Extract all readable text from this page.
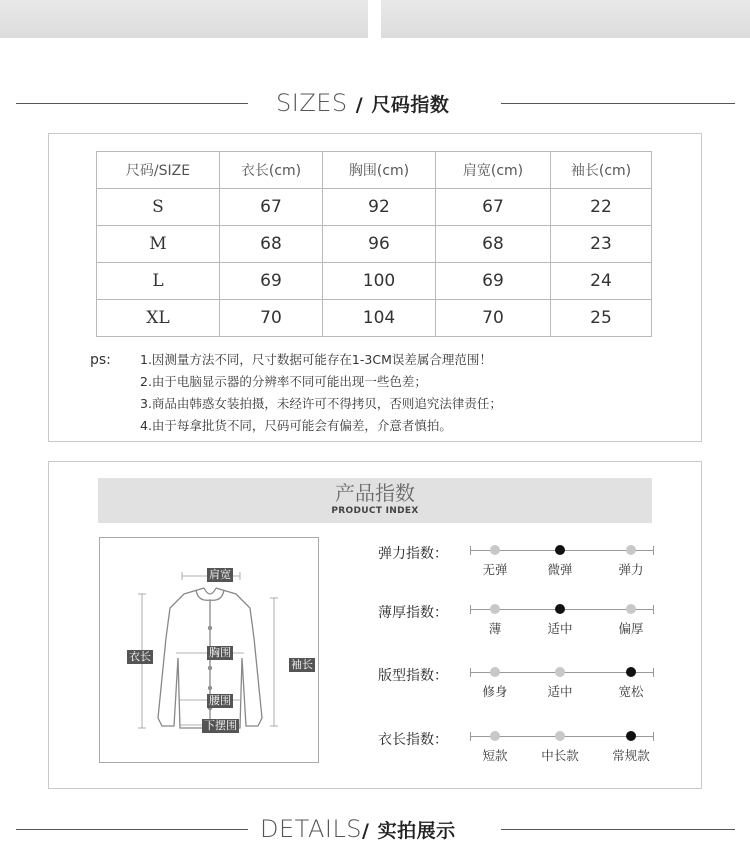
SIZES / 尺码指数
尺码/SIZE	衣长(cm)	胸围(cm)	肩宽(cm)	袖长(cm)
S	67	92	67	22
M	68	96	68	23
L	69	100	69	24
XL	70	104	70	25
ps: 1.因测量方法不同，尺寸数据可能存在1-3CM误差属合理范围！
2.由于电脑显示器的分辨率不同可能出现一些色差；
3.商品由韩惑女装拍摄，未经许可不得拷贝，否则追究法律责任；
4.由于每拿批货不同，尺码可能会有偏差，介意者慎拍。
产品指数
PRODUCT INDEX
肩宽
衣长	胸围
袖长
腰围
下摆围
弹力指数：
无弹	微弹	弹力
薄厚指数：
薄	适中	偏厚
版型指数：
修身	适中	宽松
衣长指数：
短款	中长款	常规款
DETAILS/ 实拍展示
